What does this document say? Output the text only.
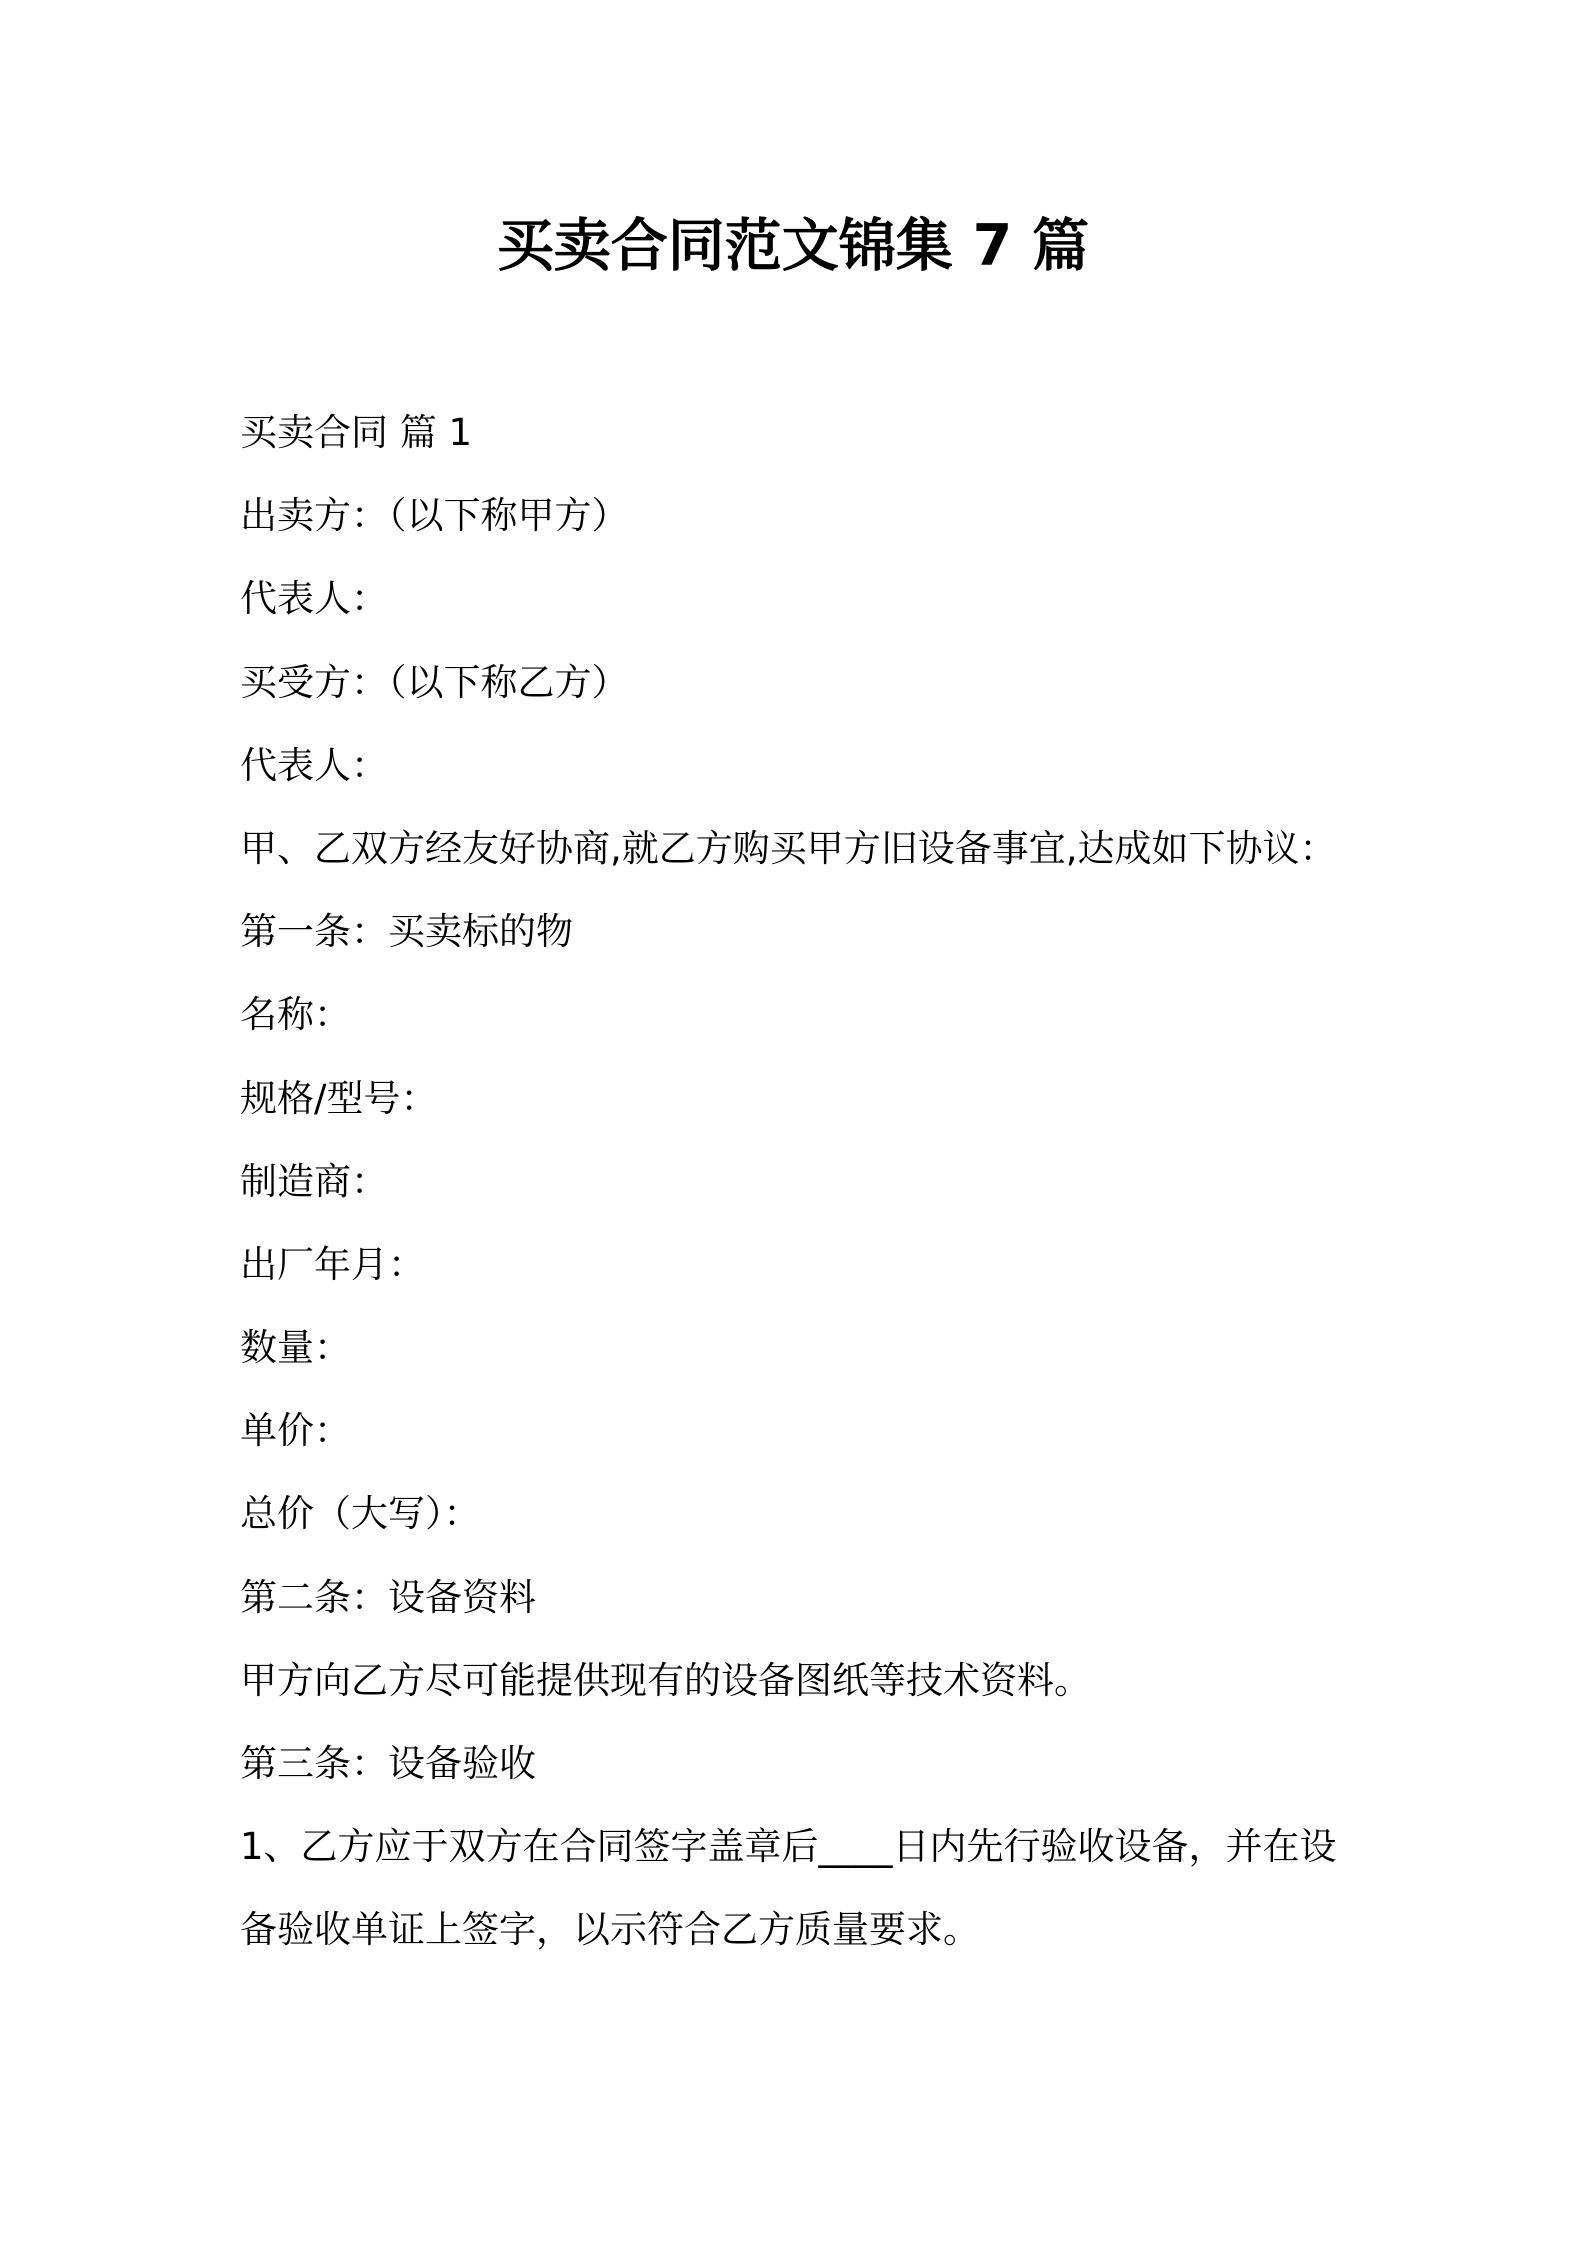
买卖合同范文锦集 7 篇
买卖合同 篇 1
出卖方：（以下称甲方）
代表人：
买受方：（以下称乙方）
代表人：
甲、乙双方经友好协商,就乙方购买甲方旧设备事宜,达成如下协议：
第一条：买卖标的物
名称：
规格/型号：
制造商：
出厂年月：
数量：
单价：
总价（大写）：
第二条：设备资料
甲方向乙方尽可能提供现有的设备图纸等技术资料。
第三条：设备验收
1、乙方应于双方在合同签字盖章后____日内先行验收设备，并在设
备验收单证上签字，以示符合乙方质量要求。
